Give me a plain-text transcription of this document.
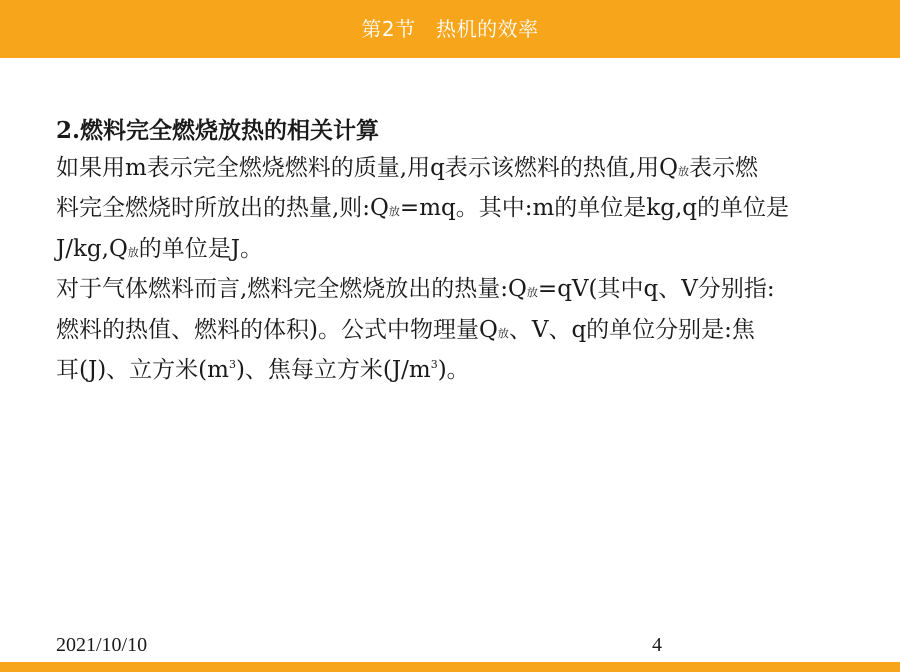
第2节　热机的效率
2.燃料完全燃烧放热的相关计算
如果用m表示完全燃烧燃料的质量,用q表示该燃料的热值,用Q放表示燃
料完全燃烧时所放出的热量,则:Q放=mq。其中:m的单位是kg,q的单位是
J/kg,Q放的单位是J。
对于气体燃料而言,燃料完全燃烧放出的热量:Q放=qV(其中q、V分别指:
燃料的热值、燃料的体积)。公式中物理量Q放、V、q的单位分别是:焦
耳(J)、立方米$(m^3)$、焦每立方米$(J/m^3)$。
2021/10/10	4
